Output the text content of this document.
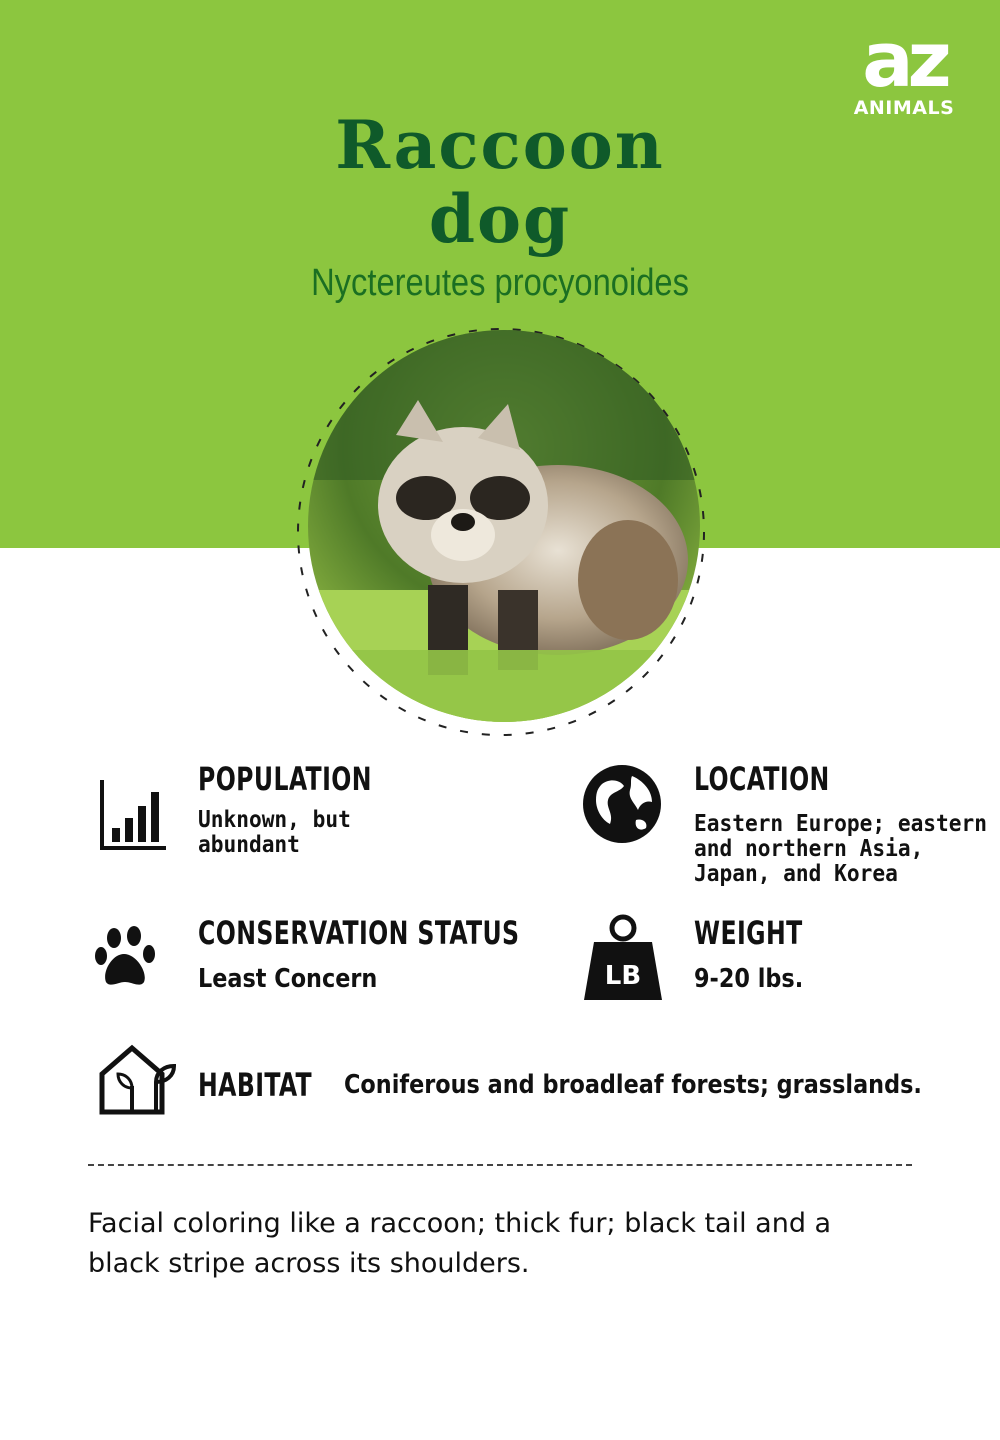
az
ANIMALS
Raccoon
dog
Nyctereutes procyonoides
POPULATION
Unknown, but abundant
LOCATION
Eastern Europe; eastern
and northern Asia,
Japan, and Korea
CONSERVATION STATUS
Least Concern	LB
WEIGHT
9-20 lbs.
HABITAT Coniferous and broadleaf forests; grasslands.
Facial coloring like a raccoon; thick fur; black tail and a black stripe across its shoulders.
